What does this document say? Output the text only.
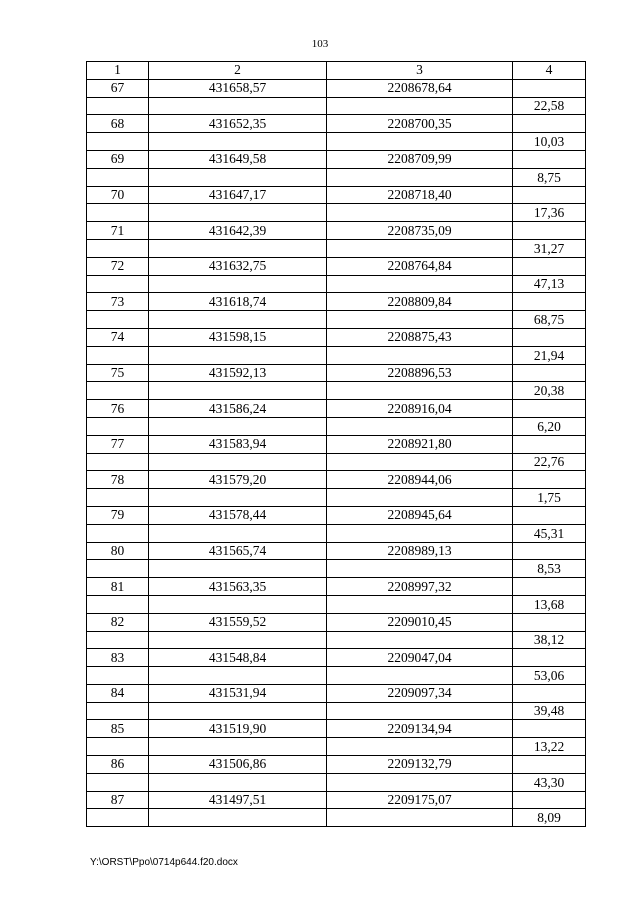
103
1	2	3	4
67	431658,57	2208678,64	
			22,58
68	431652,35	2208700,35	
			10,03
69	431649,58	2208709,99	
			8,75
70	431647,17	2208718,40	
			17,36
71	431642,39	2208735,09	
			31,27
72	431632,75	2208764,84	
			47,13
73	431618,74	2208809,84	
			68,75
74	431598,15	2208875,43	
			21,94
75	431592,13	2208896,53	
			20,38
76	431586,24	2208916,04	
			6,20
77	431583,94	2208921,80	
			22,76
78	431579,20	2208944,06	
			1,75
79	431578,44	2208945,64	
			45,31
80	431565,74	2208989,13	
			8,53
81	431563,35	2208997,32	
			13,68
82	431559,52	2209010,45	
			38,12
83	431548,84	2209047,04	
			53,06
84	431531,94	2209097,34	
			39,48
85	431519,90	2209134,94	
			13,22
86	431506,86	2209132,79	
			43,30
87	431497,51	2209175,07	
			8,09
Y:\ORST\Ppo\0714p644.f20.docx
